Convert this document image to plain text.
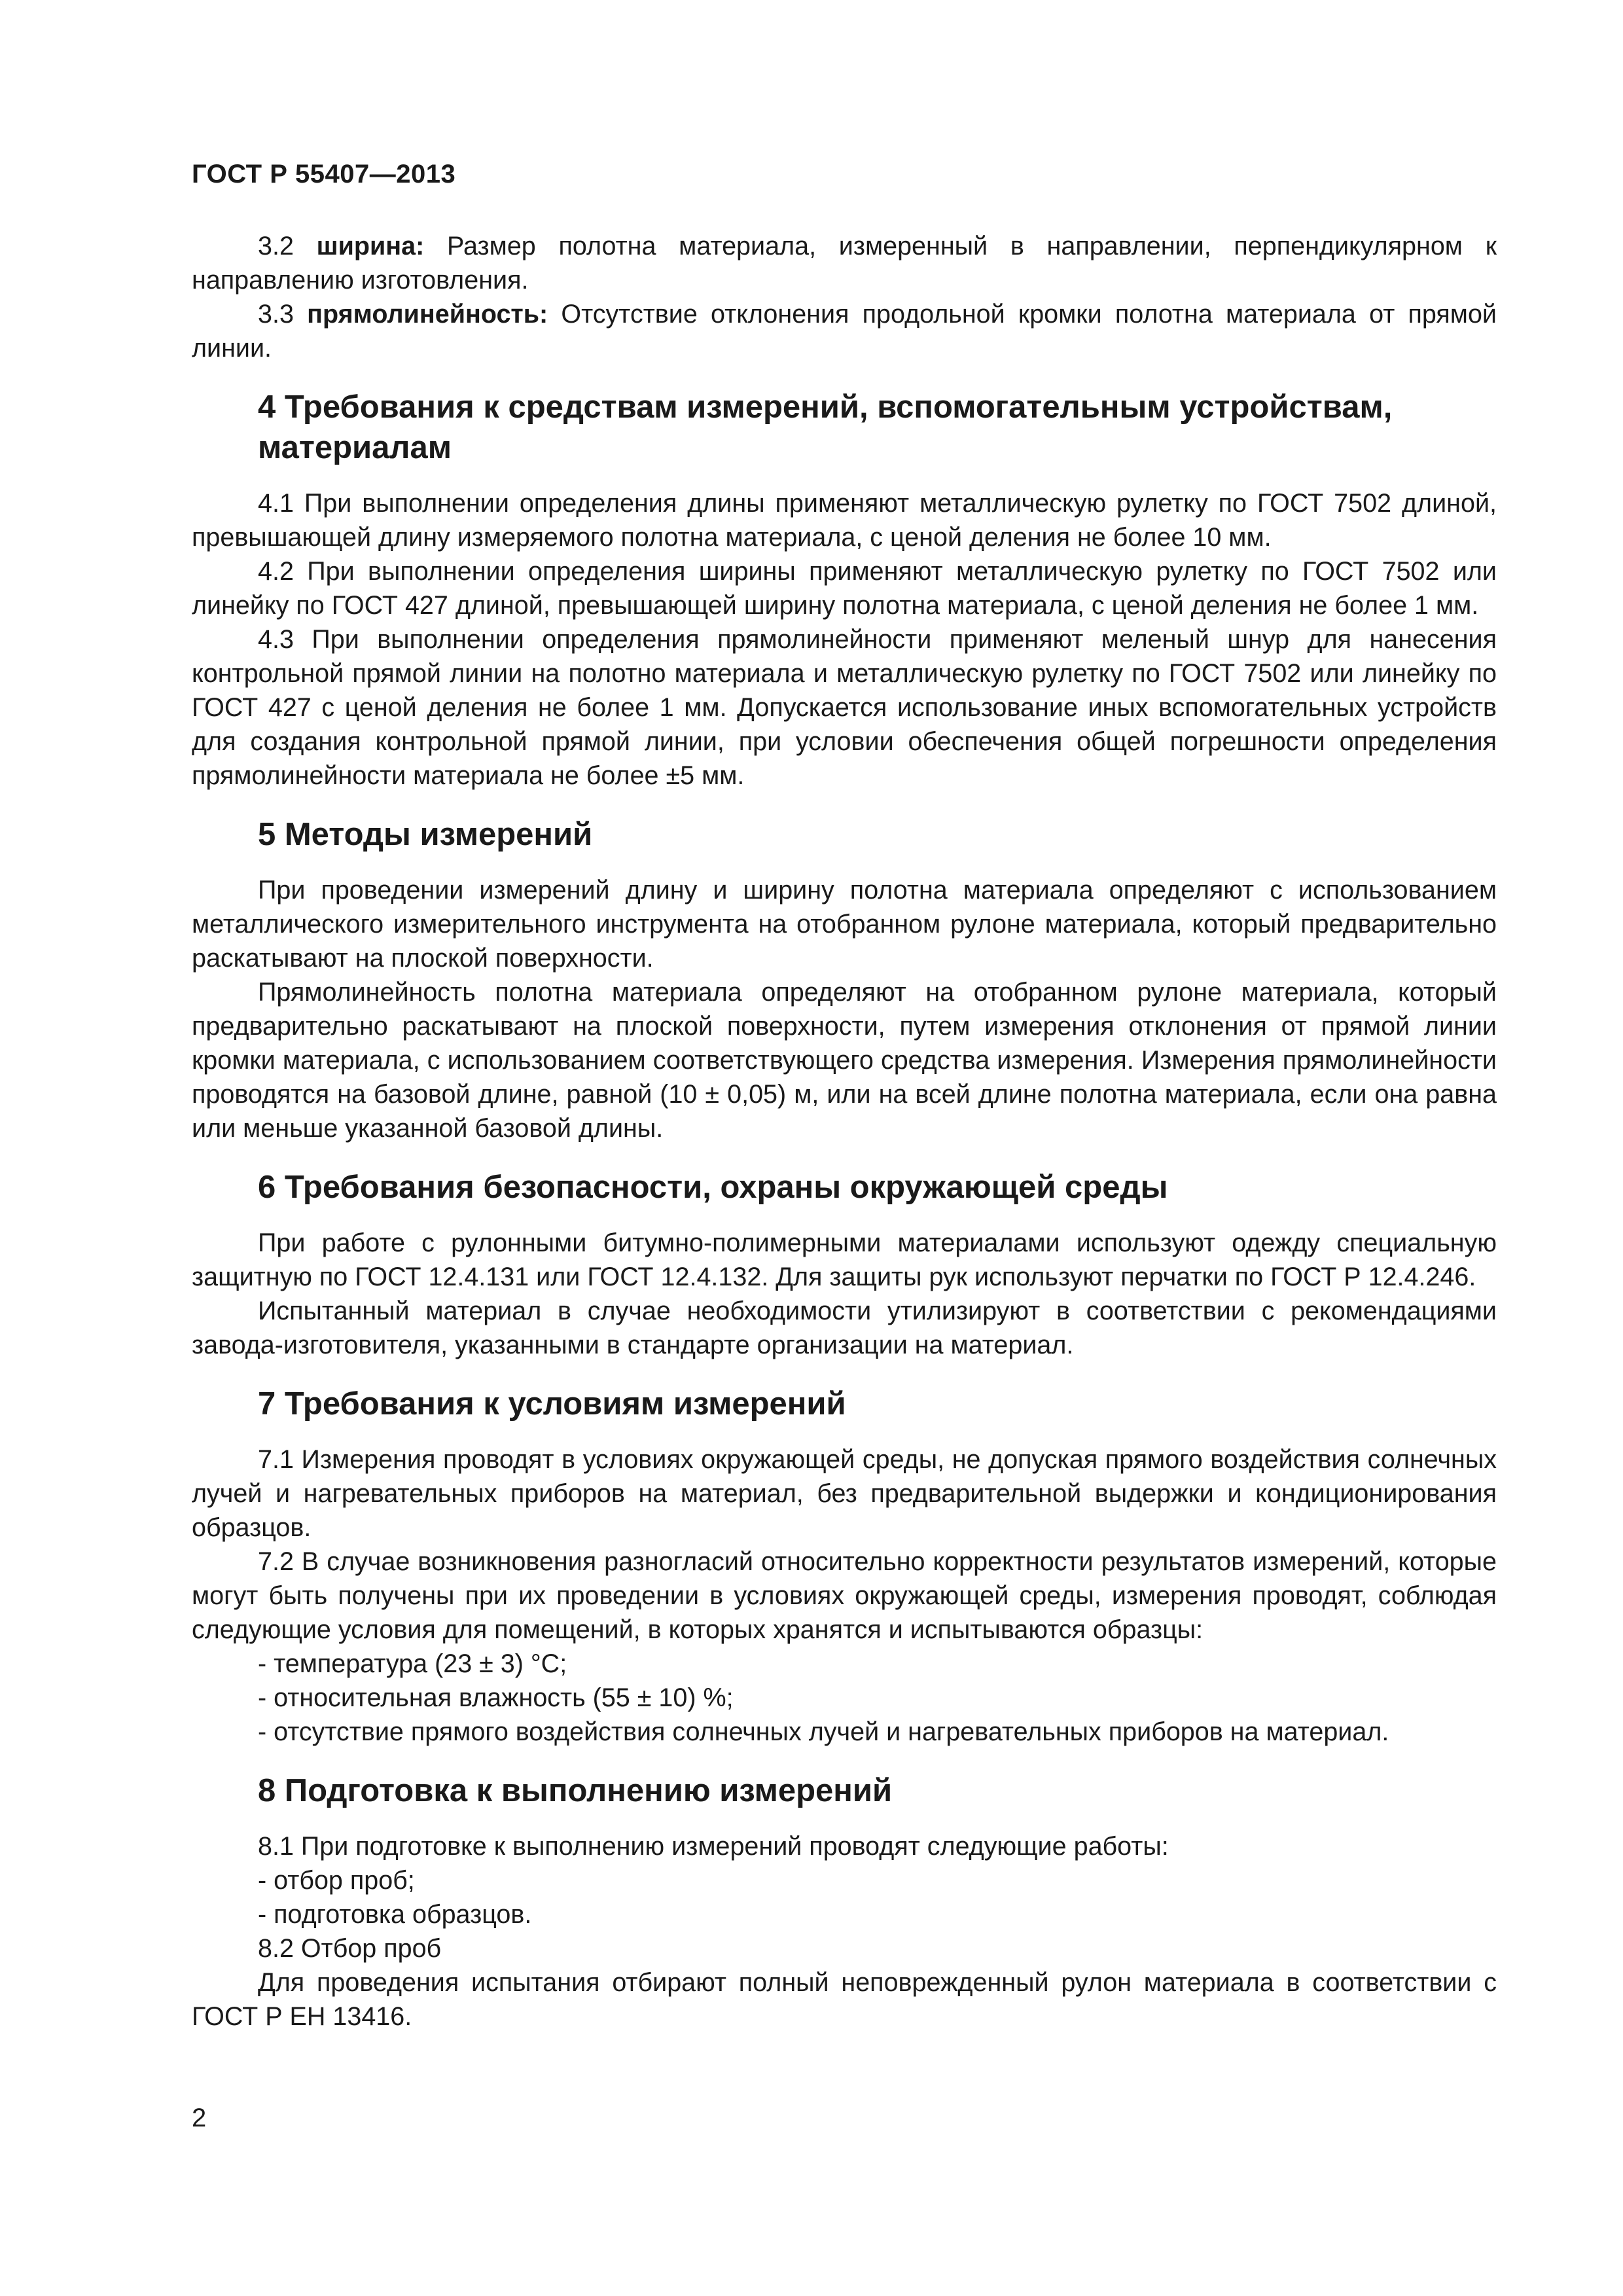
ГОСТ Р 55407—2013

3.2 ширина: Размер полотна материала, измеренный в направлении, перпендикулярном к направлению изготовления.

3.3 прямолинейность: Отсутствие отклонения продольной кромки полотна материала от прямой линии.

4 Требования к средствам измерений, вспомогательным устройствам, материалам

4.1 При выполнении определения длины применяют металлическую рулетку по ГОСТ 7502 длиной, превышающей длину измеряемого полотна материала, с ценой деления не более 10 мм.

4.2 При выполнении определения ширины применяют металлическую рулетку по ГОСТ 7502 или линейку по ГОСТ 427 длиной, превышающей ширину полотна материала, с ценой деления не более 1 мм.

4.3 При выполнении определения прямолинейности применяют меленый шнур для нанесения контрольной прямой линии на полотно материала и металлическую рулетку по ГОСТ 7502 или линейку по ГОСТ 427 с ценой деления не более 1 мм. Допускается использование иных вспомогательных устройств для создания контрольной прямой линии, при условии обеспечения общей погрешности определения прямолинейности материала не более ±5 мм.

5 Методы измерений

При проведении измерений длину и ширину полотна материала определяют с использованием металлического измерительного инструмента на отобранном рулоне материала, который предварительно раскатывают на плоской поверхности.

Прямолинейность полотна материала определяют на отобранном рулоне материала, который предварительно раскатывают на плоской поверхности, путем измерения отклонения от прямой линии кромки материала, с использованием соответствующего средства измерения. Измерения прямолинейности проводятся на базовой длине, равной (10 ± 0,05) м, или на всей длине полотна материала, если она равна или меньше указанной базовой длины.

6 Требования безопасности, охраны окружающей среды

При работе с рулонными битумно-полимерными материалами используют одежду специальную защитную по ГОСТ 12.4.131 или ГОСТ 12.4.132. Для защиты рук используют перчатки по ГОСТ Р 12.4.246.

Испытанный материал в случае необходимости утилизируют в соответствии с рекомендациями завода-изготовителя, указанными в стандарте организации на материал.

7 Требования к условиям измерений

7.1 Измерения проводят в условиях окружающей среды, не допуская прямого воздействия солнечных лучей и нагревательных приборов на материал, без предварительной выдержки и кондиционирования образцов.

7.2 В случае возникновения разногласий относительно корректности результатов измерений, которые могут быть получены при их проведении в условиях окружающей среды, измерения проводят, соблюдая следующие условия для помещений, в которых хранятся и испытываются образцы:

- температура (23 ± 3) °С;

- относительная влажность (55 ± 10) %;

- отсутствие прямого воздействия солнечных лучей и нагревательных приборов на материал.

8 Подготовка к выполнению измерений

8.1 При подготовке к выполнению измерений проводят следующие работы:

- отбор проб;

- подготовка образцов.

8.2 Отбор проб

Для проведения испытания отбирают полный неповрежденный рулон материала в соответствии с ГОСТ Р ЕН 13416.

2
